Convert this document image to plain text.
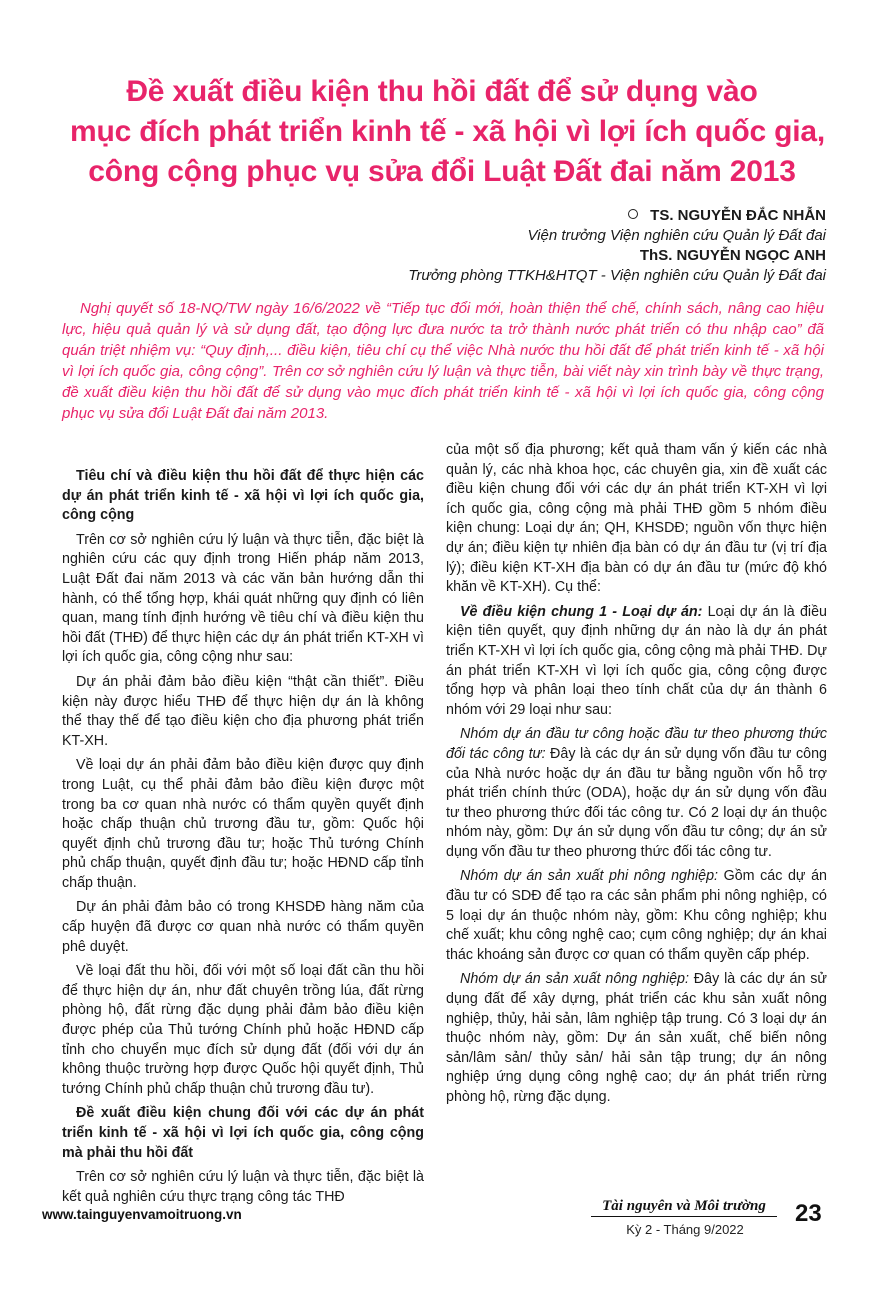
Đề xuất điều kiện thu hồi đất để sử dụng vào
mục đích phát triển kinh tế - xã hội vì lợi ích quốc gia,
công cộng phục vụ sửa đổi Luật Đất đai năm 2013
TS. NGUYỄN ĐẮC NHẪN
Viện trưởng Viện nghiên cứu Quản lý Đất đai
ThS. NGUYỄN NGỌC ANH
Trưởng phòng TTKH&HTQT - Viện nghiên cứu Quản lý Đất đai
Nghị quyết số 18-NQ/TW ngày 16/6/2022 về “Tiếp tục đổi mới, hoàn thiện thể chế, chính sách, nâng cao hiệu lực, hiệu quả quản lý và sử dụng đất, tạo động lực đưa nước ta trở thành nước phát triển có thu nhập cao” đã quán triệt nhiệm vụ: “Quy định,... điều kiện, tiêu chí cụ thể việc Nhà nước thu hồi đất để phát triển kinh tế - xã hội vì lợi ích quốc gia, công cộng”. Trên cơ sở nghiên cứu lý luận và thực tiễn, bài viết này xin trình bày về thực trạng, đề xuất điều kiện thu hồi đất để sử dụng vào mục đích phát triển kinh tế - xã hội vì lợi ích quốc gia, công cộng phục vụ sửa đổi Luật Đất đai năm 2013.
Tiêu chí và điều kiện thu hồi đất để thực hiện các dự án phát triển kinh tế - xã hội vì lợi ích quốc gia, công cộng

Trên cơ sở nghiên cứu lý luận và thực tiễn, đặc biệt là nghiên cứu các quy định trong Hiến pháp năm 2013, Luật Đất đai năm 2013 và các văn bản hướng dẫn thi hành, có thể tổng hợp, khái quát những quy định có liên quan, mang tính định hướng về tiêu chí và điều kiện thu hồi đất (THĐ) để thực hiện các dự án phát triển KT-XH vì lợi ích quốc gia, công cộng như sau:

Dự án phải đảm bảo điều kiện “thật cần thiết”. Điều kiện này được hiểu THĐ để thực hiện dự án là không thể thay thế để tạo điều kiện cho địa phương phát triển KT-XH.

Về loại dự án phải đảm bảo điều kiện được quy định trong Luật, cụ thể phải đảm bảo điều kiện được một trong ba cơ quan nhà nước có thẩm quyền quyết định hoặc chấp thuận chủ trương đầu tư, gồm: Quốc hội quyết định chủ trương đầu tư; hoặc Thủ tướng Chính phủ chấp thuận, quyết định đầu tư; hoặc HĐND cấp tỉnh chấp thuận.

Dự án phải đảm bảo có trong KHSDĐ hàng năm của cấp huyện đã được cơ quan nhà nước có thẩm quyền phê duyệt.

Về loại đất thu hồi, đối với một số loại đất cần thu hồi để thực hiện dự án, như đất chuyên trồng lúa, đất rừng phòng hộ, đất rừng đặc dụng phải đảm bảo điều kiện được phép của Thủ tướng Chính phủ hoặc HĐND cấp tỉnh cho chuyển mục đích sử dụng đất (đối với dự án không thuộc trường hợp được Quốc hội quyết định, Thủ tướng Chính phủ chấp thuận chủ trương đầu tư).

Đề xuất điều kiện chung đối với các dự án phát triển kinh tế - xã hội vì lợi ích quốc gia, công cộng mà phải thu hồi đất

Trên cơ sở nghiên cứu lý luận và thực tiễn, đặc biệt là kết quả nghiên cứu thực trạng công tác THĐ

của một số địa phương; kết quả tham vấn ý kiến các nhà quản lý, các nhà khoa học, các chuyên gia, xin đề xuất các điều kiện chung đối với các dự án phát triển KT-XH vì lợi ích quốc gia, công cộng mà phải THĐ gồm 5 nhóm điều kiện chung: Loại dự án; QH, KHSDĐ; nguồn vốn thực hiện dự án; điều kiện tự nhiên địa bàn có dự án đầu tư (vị trí địa lý); điều kiện KT-XH địa bàn có dự án đầu tư (mức độ khó khăn về KT-XH). Cụ thể:

Về điều kiện chung 1 - Loại dự án: Loại dự án là điều kiện tiên quyết, quy định những dự án nào là dự án phát triển KT-XH vì lợi ích quốc gia, công cộng mà phải THĐ. Dự án phát triển KT-XH vì lợi ích quốc gia, công cộng được tổng hợp và phân loại theo tính chất của dự án thành 6 nhóm với 29 loại như sau:

Nhóm dự án đầu tư công hoặc đầu tư theo phương thức đối tác công tư: Đây là các dự án sử dụng vốn đầu tư công của Nhà nước hoặc dự án đầu tư bằng nguồn vốn hỗ trợ phát triển chính thức (ODA), hoặc dự án sử dụng vốn đầu tư theo phương thức đối tác công tư. Có 2 loại dự án thuộc nhóm này, gồm: Dự án sử dụng vốn đầu tư công; dự án sử dụng vốn đầu tư theo phương thức đối tác công tư.

Nhóm dự án sản xuất phi nông nghiệp: Gồm các dự án đầu tư có SDĐ để tạo ra các sản phẩm phi nông nghiệp, có 5 loại dự án thuộc nhóm này, gồm: Khu công nghiệp; khu chế xuất; khu công nghệ cao; cụm công nghiệp; dự án khai thác khoáng sản được cơ quan có thẩm quyền cấp phép.

Nhóm dự án sản xuất nông nghiệp: Đây là các dự án sử dụng đất để xây dựng, phát triển các khu sản xuất nông nghiệp, thủy, hải sản, lâm nghiệp tập trung. Có 3 loại dự án thuộc nhóm này, gồm: Dự án sản xuất, chế biến nông sản/lâm sản/ thủy sản/ hải sản tập trung; dự án nông nghiệp ứng dụng công nghệ cao; dự án phát triển rừng phòng hộ, rừng đặc dụng.

www.tainguyenvamoitruong.vn
Tài nguyên và Môi trường
Kỳ 2 - Tháng 9/2022
23
